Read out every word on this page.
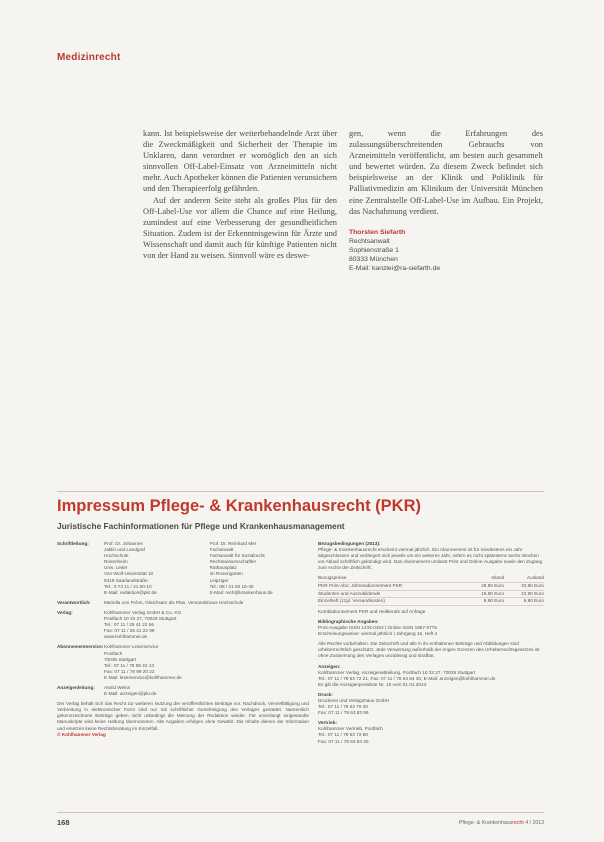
Medizinrecht

kann. Ist beispielsweise der weiterbehandelnde Arzt über die Zweckmäßigkeit und Sicherheit der Therapie im Unklaren, dann verordnet er womöglich den an sich sinnvollen Off-Label-Einsatz von Arzneimitteln nicht mehr. Auch Apotheker können die Patienten verunsichern und den Therapieerfolg gefährden.

Auf der anderen Seite steht als großes Plus für den Off-Label-Use vor allem die Chance auf eine Heilung, zumindest auf eine Verbesserung der gesundheitlichen Situation. Zudem ist der Erkenntnisgewinn für Ärzte und Wissenschaft und damit auch für künftige Patienten nicht von der Hand zu weisen. Sinnvoll wäre es deswe-

gen, wenn die Erfahrungen des zulassungsüberschreitenden Gebrauchs von Arzneimitteln veröffentlicht, am besten auch gesammelt und bewertet würden. Zu diesem Zweck befindet sich beispielsweise an der Klinik und Poliklinik für Palliativmedizin am Klinikum der Universität München eine Zentralstelle Off-Label-Use im Aufbau. Ein Projekt, das Nachahmung verdient.

Thorsten Siefarth
Rechtsanwalt
Sophienstraße 1
80333 München
E-Mail: kanzlei@ra-siefarth.de
Impressum Pflege- & Krankenhausrecht (PKR)
Juristische Fachinformationen für Pflege und Krankenhausmanagement
Schriftleitung:	Prof. Dr. Johannes
Jaklin und Landgraf
Hochschule
Rosenheim
Univ. Leiter
Von-Wolf-Universität 10
8318 Saarlandstraße
Tel.: 0 73 11 / 21 60-10
E-Mail: redaktion@pkr.de
Prof. Dr. Reinhard Mer
Fachanwalt
Fachanwalt für Sozialrecht
Rechtswissenschaftler
Rathausplatz
Im Rosengarten
Leipziger
Tel.: 08 / 21 60 15-40
E-Mail: rech@krankenhaus.de
Verantwortlich:	Mariella von Fehm, Gleichsam als Plan, Versandshaus Hochschule
Verlag:	Kohlhammer Verlag GmbH & Co. KG
Postfach 10 33 27, 70029 Stuttgart
Tel.: 07 11 / 25 41 22 66
Fax: 07 11 / 25 41 22 99
www.kohlhammer.de
Abonnementservice: Kohlhammer Leserservice
Postfach
70036 Stuttgart
Tel.: 07 11 / 78 99 22 13
Fax: 07 11 / 78 99 20 22
E-Mail: leserservice@kohlhammer.de
Anzeigenleitung:	Astrid Weiss
E-Mail: anzeigen@pkr.de
Der Verlag behält sich das Recht zur weiteren Nutzung der veröffentlichten Beiträge vor. Nachdruck, Vervielfältigung und Verbreitung in elektronischer Form sind nur mit schriftlicher Genehmigung des Verlages gestattet. Namentlich gekennzeichnete Beiträge geben nicht unbedingt die Meinung der Redaktion wieder. Für unverlangt eingesandte Manuskripte wird keine Haftung übernommen. Alle Angaben erfolgen ohne Gewähr. Die Inhalte dienen der Information und ersetzen keine Rechtsberatung im Einzelfall.
© Kohlhammer Verlag
Bezugsbedingungen (2013):
Pflege- & Krankenhausrecht erscheint viermal jährlich. Ein Abonnement ist für mindestens ein Jahr abgeschlossen und verlängert sich jeweils um ein weiteres Jahr, sofern es nicht spätestens sechs Wochen vor Ablauf schriftlich gekündigt wird. Das Abonnement umfasst Print und Online-Ausgabe sowie den Zugang zum Archiv der Zeitschrift.
Bezugspreise	Inland	Ausland
PKR Print-Abo: Jahresabonnement PKR	29,90 Euro	33,90 Euro
Studenten und Auszubildende	19,90 Euro	23,90 Euro
Einzelheft (zzgl. Versandkosten)	8,90 Euro	9,90 Euro
Kombiabonnement PKR und Heilberufe auf Anfrage
Bibliographische Angaben:
Print-Ausgabe ISSN 1434-0453 | Online ISSN 1867-0776
Erscheinungsweise: viermal jährlich | Jahrgang 16, Heft 4
Alle Rechte vorbehalten. Die Zeitschrift und alle in ihr enthaltenen Beiträge und Abbildungen sind urheberrechtlich geschützt. Jede Verwertung außerhalb der engen Grenzen des Urheberrechtsgesetzes ist ohne Zustimmung des Verlages unzulässig und strafbar.
Anzeigen:
Kohlhammer Verlag, Anzeigenabteilung, Postfach 10 33 27, 70029 Stuttgart
Tel.: 07 11 / 78 63 72 21, Fax: 07 11 / 78 63 84 30, E-Mail: anzeigen@kohlhammer.de
Es gilt die Anzeigenpreisliste Nr. 16 vom 01.01.2013.
Druck:
Druckerei und Verlagshaus GmbH
Tel.: 07 11 / 78 63 79 20
Fax: 07 11 / 78 63 83 99
Vertrieb:
Kohlhammer Vertrieb, Postfach
Tel.: 07 11 / 78 63 72 80
Fax: 07 11 / 78 63 84 30
168	Pflege- & Krankenhausrecht 4 / 2013
